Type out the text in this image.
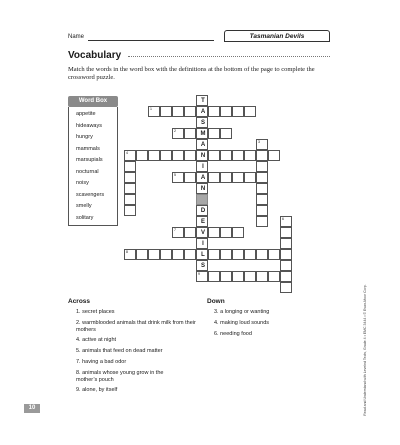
Name	Tasmanian Devils
Vocabulary
Match the words in the word box with the definitions at the bottom of the page to complete the crossword puzzle.
Word Box
appetite
hideaways
hungry
mammals
marsupials
nocturnal
noisy
scavengers
smelly
solitary
T
A
S
M
A
N
I
A
N
D
E
V
I
L
S
1
2
4
5
7
8
9
3
6
Across
1. secret places
2. warmblooded animals that drink milk from their mothers
4. active at night
5. animals that feed on dead matter
7. having a bad odor
8. animals whose young grow in the mother’s pouch
9. alone, by itself
Down
3. a longing or wanting
4. making loud sounds
6. needing food
10	Read and Understand with Leveled Texts, Grade 4 • EMC 3444 • © Evan-Moor Corp.
